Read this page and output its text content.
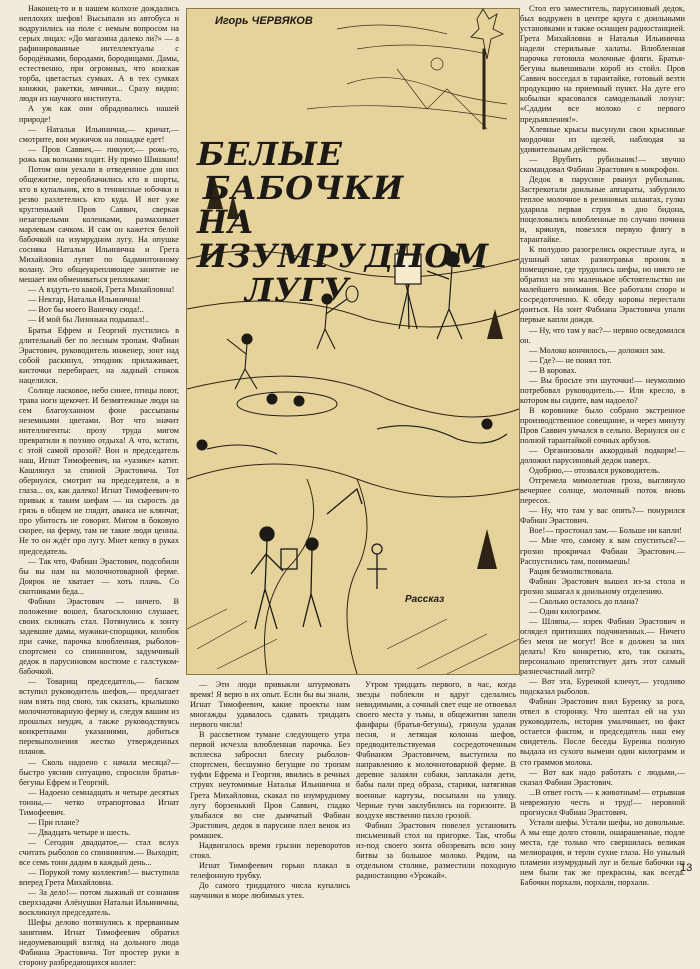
Наконец-то и в нашем колхозе дождались неплохих шефов! Высыпали из автобуса и водрузились на поле с немым вопросом на серых лицах: «До магазина далеко ли?» — а рафинированные интеллектуалы с бородёнками, бородами, бородищами. Дамы, естественно, при огромных, что конская торба, цветастых сумках. А в тех сумках книжки, ракетки, мячики... Сразу видно: люди из научного института.

А уж как они обрадовались нашей природе!

— Наталья Ильинична,— кричат,— смотрите, вон мужичок на лошадке едет!

— Пров Саввич,— пикуют,— рожь-то, рожь как волнами ходит. Ну прямо Шишкин!

Потом они уехали в отведенное для них общежитие, переоблачились кто в шорты, кто в купальник, кто в теннисные юбочки и резво разлетелись кто куда. И вот уже кругленький Пров Саввич, сверкая незагорелыми коленками, размахивает марлевым сачком. И сам он кажется белой бабочкой на изумрудном лугу. На опушке сосняка Наталья Ильинична и Грета Михайловна лупят по бадминтонному волану. Это общеукрепляющее занятие не мешает им обмениваться репликами:

— А вздуть-то какой, Грета Михайловна!

— Нектар, Наталья Ильинична!

— Вот бы моего Ванечку сюда!..

— И мой бы Лизонька подышал!..

Братья Ефрем и Георгий пустились в длительный бег по лесным тропам. Фабиан Эрастович, руководитель инженер, зонт над собой раскинул, этюдник прилаживает, кисточки перебирает, на ладный стожок нацелился.

Солнце ласковое, небо синее, птицы поют, трава ноги щекочет. И безмятежные люди на сем благоуханном фоне рассыпаны неземными цветами. Вот что значит интеллигенты: прозу труда мигом превратили в поэзию отдыха! А что, кстати, с этой самой прозой? Вон и председатель наш, Игнат Тимофеевич, на «уазике» катит. Кашлянул за спиной Эрастовича. Тот обернулся, смотрит на председателя, а в глаза... ох, как далеко! Игнат Тимофеевич-то привык к таким шефам — на сырость да грязь в общем не глядят, аванса не клянчат, про убитость не говорят. Мигом в боковую скорее, на ферму, там не такие люди ценны. Не то он ждёт про лугу. Мнет кепку в руках председатель.

— Так что, Фабиан Эрастович, подсобили бы вы нам на молочнотоварной ферме. Доярок не хватает — хоть плачь. Со скотниками беда...

Фабиан Эрастович — ничего. В положение вошел, благосклонно слушает, своих скликать стал. Потянулись к зонту задевшие дамы, мужики-спорщики, колобок при сачке, парочка влюбленная, рыболов-спортсмен со спиннингом, задумчивый дедок в парусиновом костюме с галстуком-бабочкой.

— Товарищ председатель,— баском вступил руководитель шефов,— предлагает нам взять под свою, так сказать, крылышко молочнотоварную ферму и, следуя вашим из прошлых неудач, а также руководствуясь конкретными указаниями, добиться перевыполнения жестко утвержденных планов.

— Сколь надоено с начала месяца?— быстро уяснив ситуацию, спросили братья-бегуны Ефрем и Георгий.

— Надоено семнадцать и четыре десятых тонны,— четко отрапортовал Игнат Тимофеевич.

— При плане?

— Двадцать четыре и шесть.

— Сегодня двадцатое,— стал вслух считать рыболов со спиннингом.— Выходит, все семь тонн дадим в каждый день...

— Порукой тому коллектив!— выступила вперед Грета Михайловна.

— За дело!— потом лыжный от сознания сверхзадачи Алёнушки Натальи Ильиничны, воскликнул председатель.

Шефы делово потянулись к прерванным занятиям. Игнат Тимофеевич обратил недоумевающий взгляд на дольного люда Фабиана Эрастовича. Тот простер руки в сторону разбредающихся коллег:

Игорь ЧЕРВЯКОВ
БЕЛЫЕ
БАБОЧКИ
НА ИЗУМРУДНОМ
ЛУГУ
Рассказ

— Эти люди привыкли штурмовать время! Я верю в их опыт. Если бы вы знали, Игнат Тимофеевич, какие проекты нам многажды удавалось сдавать тридцать первого числа!

В рассветном тумане следующего утра первой исчезла влюбленная парочка. Без всплеска забросил блесну рыболов-спортсмен, бесшумно бегущие по тропам туфли Ефрема и Георгия, явились в речных струях неутомимые Наталья Ильинична и Грета Михайловна, скакал по изумрудному лугу борзенький Пров Саввич, гладко улыбался во сне дымчатый Фабиан Эрастович, дедок в парусине плел венок из ромашек.

Надвигалось время грызни переворотов стоял.

Игнат Тимофеевич горько плакал в телефонную трубку.

До самого тридцатого числа купались научники в море любимых утех.

Утром тридцать первого, в час, когда звезды поблекли и вдруг сделались невидимыми, а сочный свет еще не отвоевал своего места у тьмы, в общежитии запели фанфары (братья-бегуны), грянула удалая песня, и летящая колонна шефов, предводительствуемая сосредоточенным Фабианом Эрастовичем, выступила по направлению к молочнотоварной ферме. В деревне залаяли собаки, заплакали дети, бабы пали пред образа, старики, натягивая военные картузы, посыпали на улицу. Черные тучи заклубились на горизонте. В воздухе явственно пахло грозой.

Фабиан Эрастович повелел установить письменный стол на пригорке. Так, чтобы из-под своего зонта обозревать всю зону битвы за большое молоко. Рядом, на отдельном столике, разместили походную радиостанцию «Урожай».

Стол его заместитель, парусиновый дедок, был водружен в центре круга с доильными установками и также оснащен радиостанцией. Грета Михайловна и Наталья Ильинична надели стерильные халаты. Влюбленная парочка готовила молочные фляги. Братья-бегуны вывешивали короб из стойл. Пров Саввич восседал в тарантайке, готовый везти продукцию на приемный пункт. На дуге его кобылки красовался самодельный лозунг: «Сдадим все молоко с первого предъявления!».

Хлевные крысы высунули свои крысиные мордочки из щелей, наблюдая за удивительным действом.

— Врубить рубильник!— звучно скомандовал Фабиан Эрастович в микрофон.

Дедок в парусине рванул рубильник. Застрекотали доильные аппараты, забурлило теплое молочное в резиновых шлангах, гулко ударила первая струя в дно бидона, поцеловались влюбленные по случаю почина и, крякнув, повезлся первую флягу в тарантайке.

К полудню разогрелись окрестные луга, и душный запах разнотравья проник в помещение, где трудились шефы, но никто не обратил на это маленькое обстоятельство ни малейшего внимания. Все работали споро и сосредоточенно. К обеду коровы перестали доиться. На зонт Фабиана Эрастовича упали первые капли дождя.

— Ну, что там у вас?— нервно осведомился он.

— Молоко кончилось,— доложил зам.

— Где?— не понял тот.

— В коровах.

— Вы бросьте эти шуточки!— неумолимо потребовал руководитель.— Или кресло, в котором вы сидите, вам надоело?

В коровнике было собрано экстренное производственное совещание, и через минуту Пров Саввич умчался в сельпо. Вернулся он с полной тарантайкой сочных арбузов.

— Организовали аккордный подкорм!— доложил парусиновый дедок наверх.

Одобряю,— отозвался руководитель.

Отгремела мимолетная гроза, выглянуло вечернее солнце, молочный поток вновь пересох.

— Ну, что там у вас опять?— понурился Фабиан Эрастович.

Вое!— простонал зам.— Больше ни капли!

— Мне что, самому к вам спуститься?— грозно прокричал Фабиан Эрастович.— Распустились там, понимаешь!

Рация безмолвствовала.

Фабиан Эрастович вышел из-за стола и грозно зашагал к доильному отделению.

— Сколько осталось до плана?

— Один килограмм.

— Шляпы,— изрек Фабиан Эрастович и оглядел притихших подчиненных.— Ничего без меня не могут! Все я должен за них делать! Кто конкретно, кто, так сказать, персонально препятствует дать этот самый разнесчастный литр?

— Вот эта, Буренкой кличут,— угодливо подсказал рыболов.

Фабиан Эрастович взял Буренку за рога, отвел в сторонку. Что шептал ей на ухо руководитель, история умалчивает, но факт остается фактом, и председатель наш ему свидетель. После беседы Буренка полную выдала из сухого вымени один килограмм и сто граммов молока.

— Вот как надо работать с людьми,— сказал Фабиан Эрастович.

...В ответ гость — к животным!— отрывная неврежную честь и труд!— неровной прогнусил Фабиан Эрастович.

Устали шефы. Устали шефы, но довольные. А мы еще долго стояли, ошарашенные, подле места, где только что свершилась великая мелиорация, и терли сухие глаза. Но унылый пламени изумрудный луг и белые бабочки на нем были так же прекрасны, как всегда. Бабочки порхали, порхали, порхали.

13
